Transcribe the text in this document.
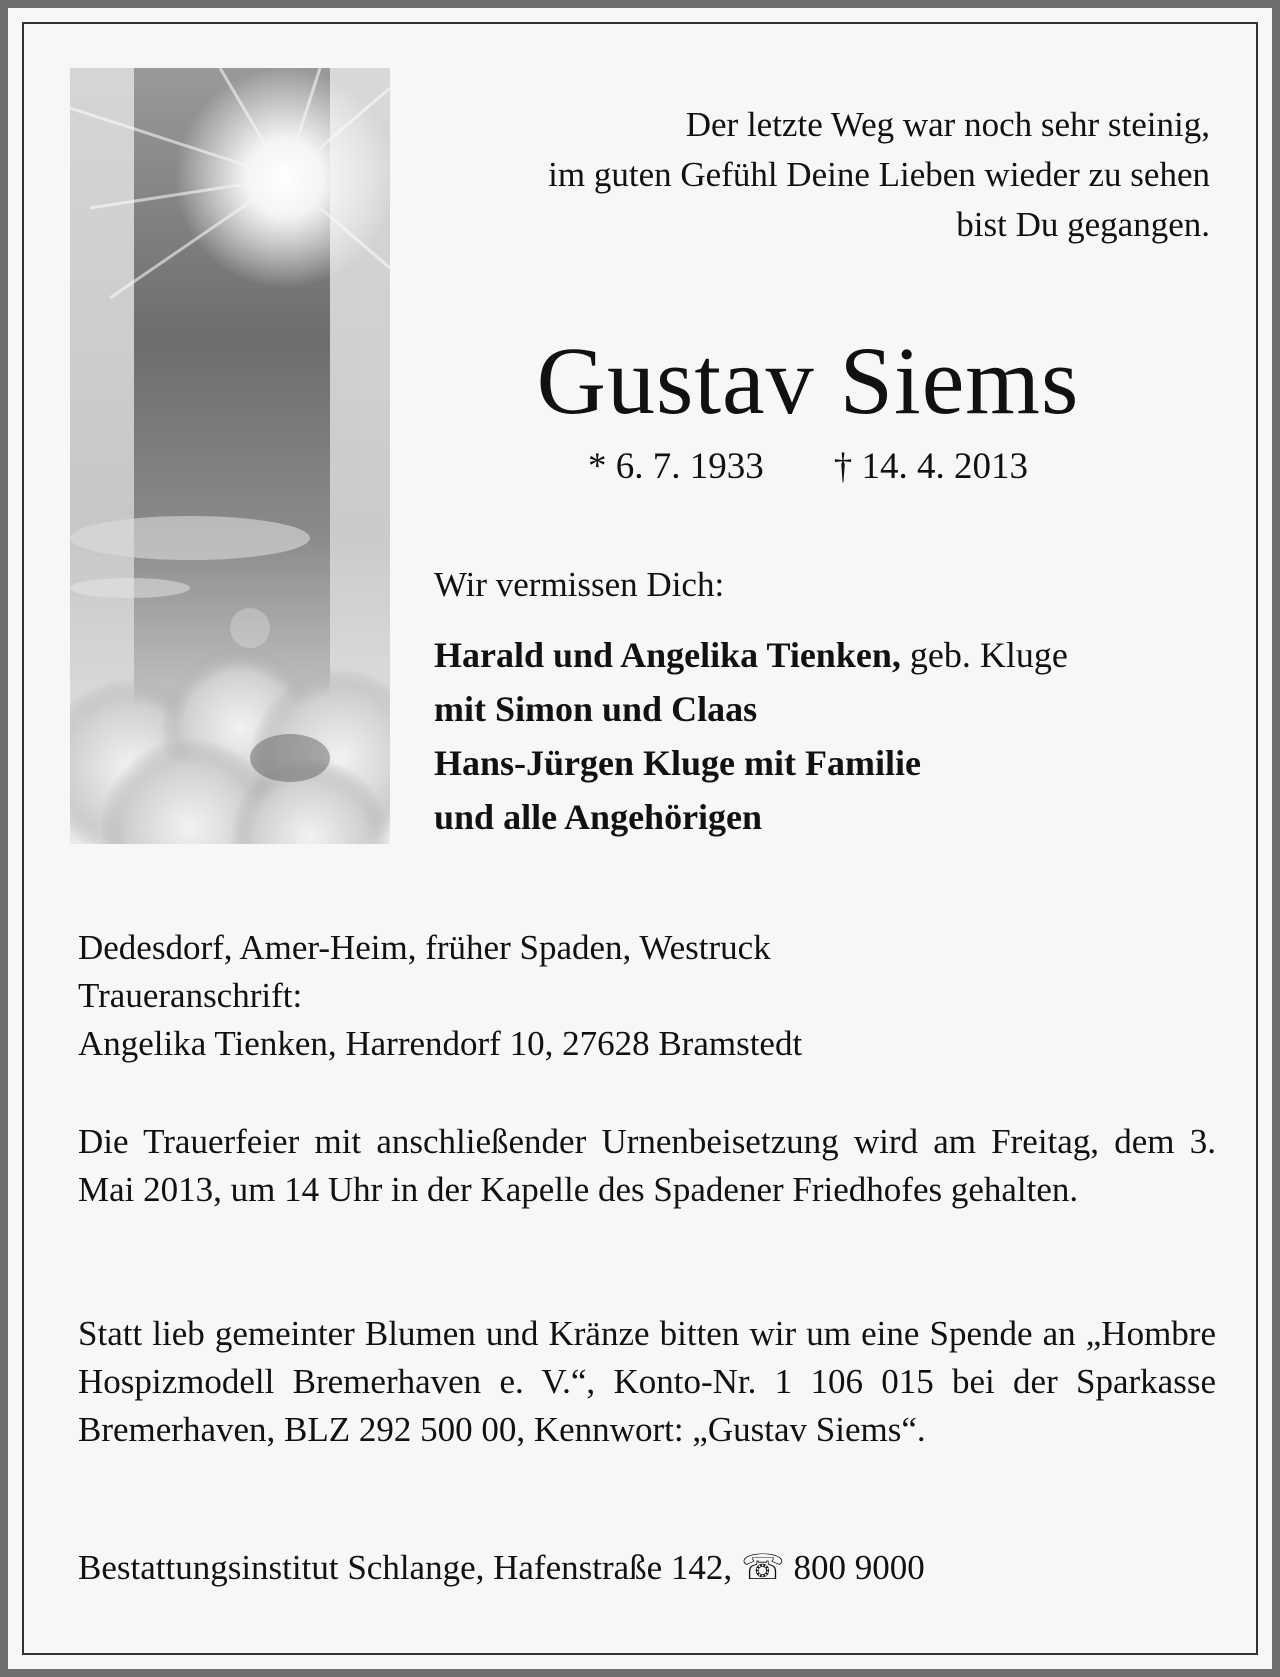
Der letzte Weg war noch sehr steinig,
im guten Gefühl Deine Lieben wieder zu sehen
bist Du gegangen.
Gustav Siems
* 6. 7. 1933 † 14. 4. 2013
Wir vermissen Dich:
Harald und Angelika Tienken, geb. Kluge
mit Simon und Claas
Hans-Jürgen Kluge mit Familie
und alle Angehörigen
Dedesdorf, Amer-Heim, früher Spaden, Westruck
Traueranschrift:
Angelika Tienken, Harrendorf 10, 27628 Bramstedt
Die Trauerfeier mit anschließender Urnenbeisetzung wird am Freitag, dem 3. Mai 2013, um 14 Uhr in der Kapelle des Spadener Friedhofes gehalten.
Statt lieb gemeinter Blumen und Kränze bitten wir um eine Spende an „Hombre Hospizmodell Bremerhaven e. V.“, Konto-Nr. 1 106 015 bei der Sparkasse Bremerhaven, BLZ 292 500 00, Kennwort: „Gustav Siems“.
Bestattungsinstitut Schlange, Hafenstraße 142, ☏ 800 9000
